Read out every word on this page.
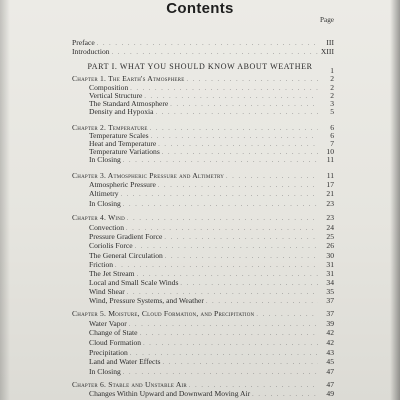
Contents
Page
Preface . . .	III
Introduction . . .	XIII
PART I. WHAT YOU SHOULD KNOW ABOUT WEATHER	1
Chapter 1. The Earth's Atmosphere . . .	2
Composition . . .	2
Vertical Structure . . .	2
The Standard Atmosphere . . .	3
Density and Hypoxia . . .	5
Chapter 2. Temperature . . .	6
Temperature Scales . . .	6
Heat and Temperature . . .	7
Temperature Variations . . .	10
In Closing . . .	11
Chapter 3. Atmospheric Pressure and Altimetry . . .	11
Atmospheric Pressure . . .	17
Altimetry . . .	21
In Closing . . .	23
Chapter 4. Wind . . .	23
Convection . . .	24
Pressure Gradient Force . . .	25
Coriolis Force . . .	26
The General Circulation . . .	30
Friction . . .	31
The Jet Stream . . .	31
Local and Small Scale Winds . . .	34
Wind Shear . . .	35
Wind, Pressure Systems, and Weather . . .	37
Chapter 5. Moisture, Cloud Formation, and Precipitation . . .	37
Water Vapor . . .	39
Change of State . . .	42
Cloud Formation . . .	42
Precipitation . . .	43
Land and Water Effects . . .	45
In Closing . . .	47
Chapter 6. Stable and Unstable Air . . .	47
Changes Within Upward and Downward Moving Air . . .	49
